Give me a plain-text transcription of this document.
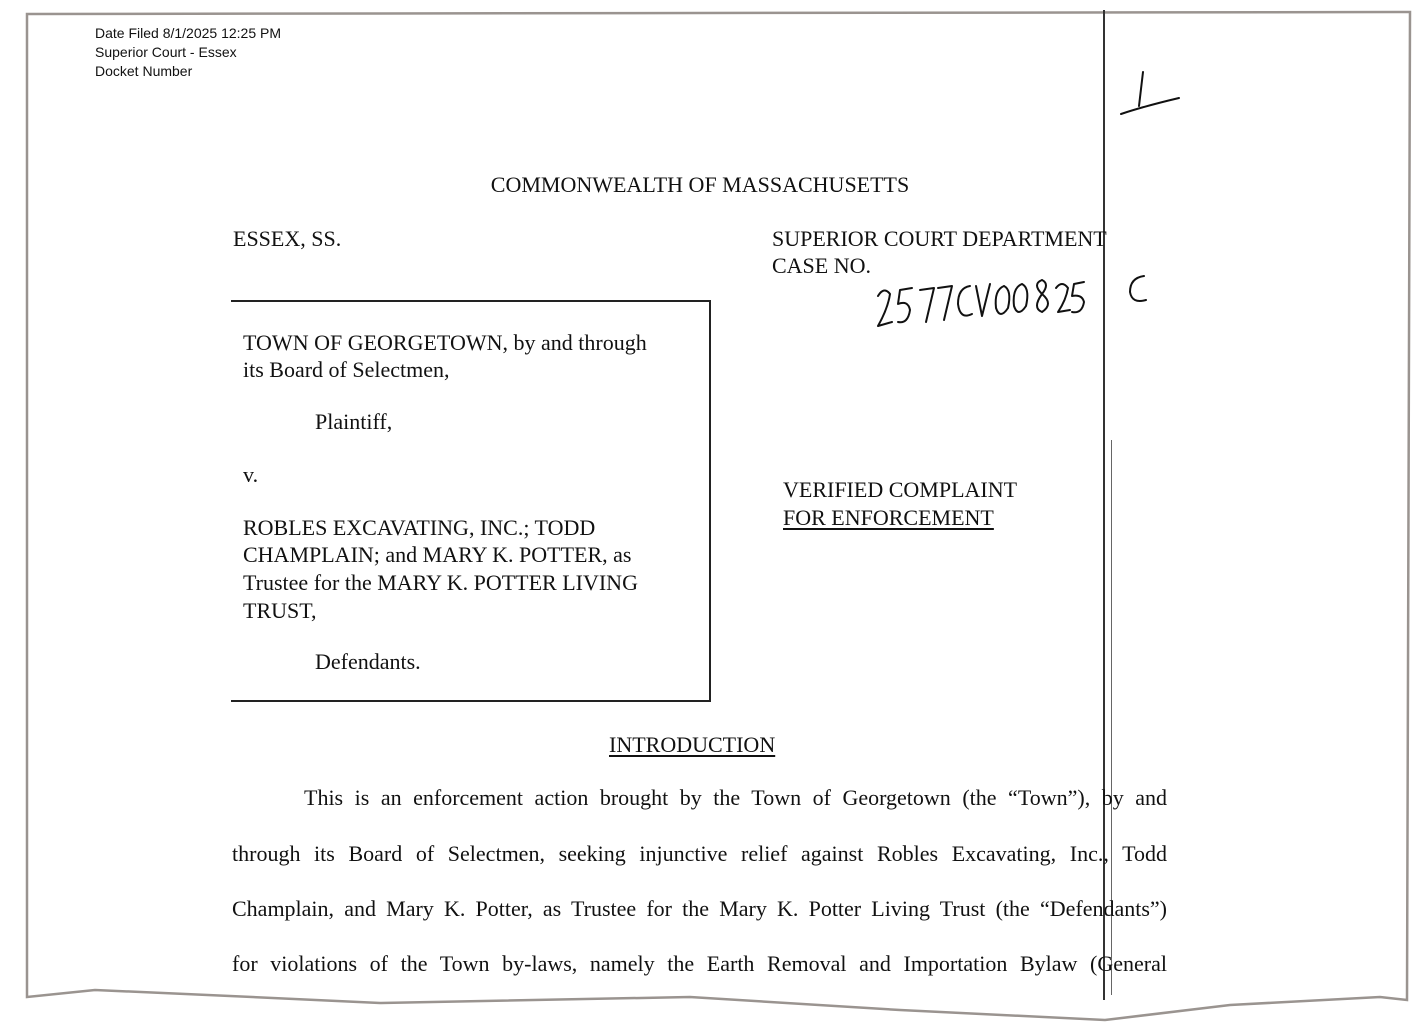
Date Filed 8/1/2025 12:25 PM
Superior Court - Essex
Docket Number
COMMONWEALTH OF MASSACHUSETTS
ESSEX, SS.	SUPERIOR COURT DEPARTMENT
CASE NO.
TOWN OF GEORGETOWN, by and through
its Board of Selectmen,
Plaintiff,
v.
ROBLES EXCAVATING, INC.; TODD
CHAMPLAIN; and MARY K. POTTER, as
Trustee for the MARY K. POTTER LIVING
TRUST,
Defendants.
VERIFIED COMPLAINT
FOR ENFORCEMENT
INTRODUCTION
This is an enforcement action brought by the Town of Georgetown (the “Town”), by and
through its Board of Selectmen, seeking injunctive relief against Robles Excavating, Inc., Todd
Champlain, and Mary K. Potter, as Trustee for the Mary K. Potter Living Trust (the “Defendants”)
for violations of the Town by-laws, namely the Earth Removal and Importation Bylaw (General
